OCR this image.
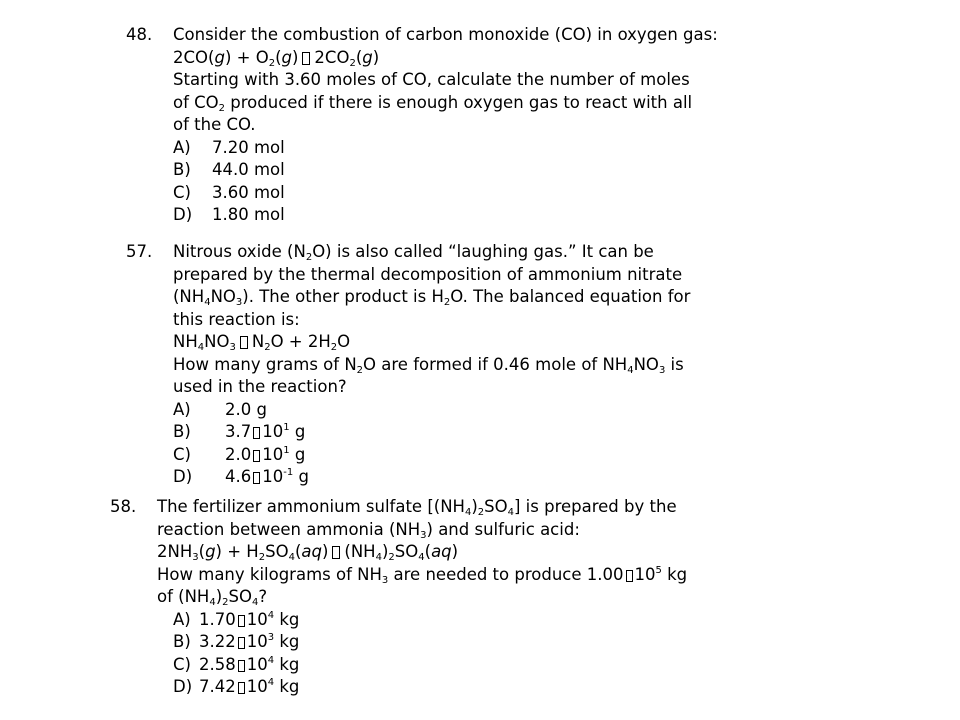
48. Consider the combustion of carbon monoxide (CO) in oxygen gas:
$2CO(g) + O_2(g)$ $2CO_2(g)$
Starting with 3.60 moles of CO, calculate the number of moles
of $CO_2$ produced if there is enough oxygen gas to react with all
of the CO.
A) 7.20 mol
B) 44.0 mol
C) 3.60 mol
D) 1.80 mol
57. Nitrous oxide $(N_2O)$ is also called “laughing gas.” It can be
prepared by the thermal decomposition of ammonium nitrate
$(NH_4NO_3)$. The other product is $H_2O$. The balanced equation for
this reaction is:
$NH_4NO_3$ $N_2O + 2H_2O$
How many grams of $N_2O$ are formed if 0.46 mole of $NH_4NO_3$ is
used in the reaction?
A) 2.0 g
B) 3.7 $10^1$ g
C) 2.0 $10^1$ g
D) 4.6 $10^{-1}$ g
58. The fertilizer ammonium sulfate $[(NH_4)_2SO_4]$ is prepared by the
reaction between ammonia $(NH_3)$ and sulfuric acid:
$2NH_3(g) + H_2SO_4(aq)$ $(NH_4)_2SO_4(aq)$
How many kilograms of $NH_3$ are needed to produce 1.00 $10^5$ kg
of $(NH_4)_2SO_4$?
A) 1.70 $10^4$ kg
B) 3.22 $10^3$ kg
C) 2.58 $10^4$ kg
D) 7.42 $10^4$ kg
